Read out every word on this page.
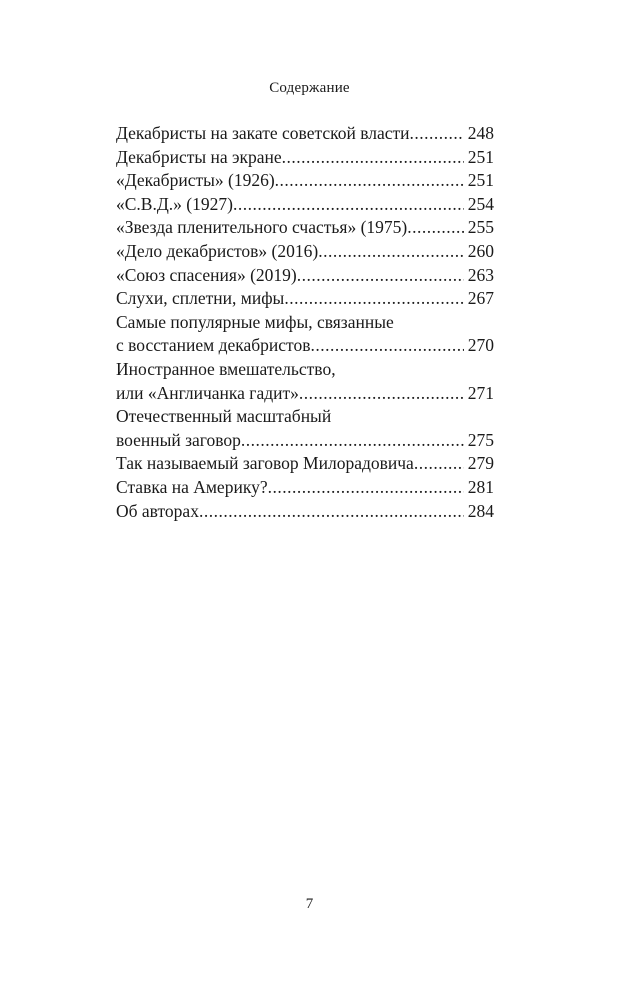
Содержание
Декабристы на закате советской власти .....	248
Декабристы на экране .....	251
«Декабристы» (1926) .....	251
«С.В.Д.» (1927) .....	254
«Звезда пленительного счастья» (1975) .....	255
«Дело декабристов» (2016) .....	260
«Союз спасения» (2019) .....	263
Слухи, сплетни, мифы .....	267
Самые популярные мифы, связанные
с восстанием декабристов .....	270
Иностранное вмешательство,
или «Англичанка гадит» .....	271
Отечественный масштабный
военный заговор .....	275
Так называемый заговор Милорадовича .....	279
Ставка на Америку? .....	281
Об авторах .....	284
7
